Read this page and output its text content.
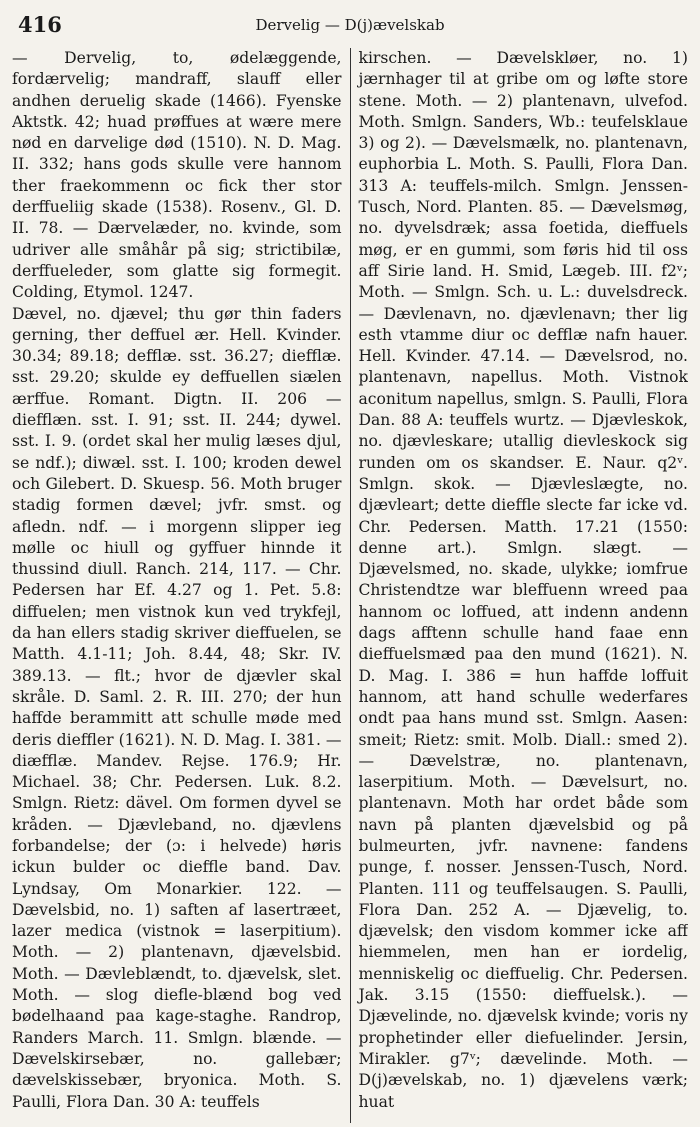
416	Dervelig — D(j)ævelskab

— Dervelig, to, ødelæggende, fordærvelig; mandraff, slauff eller andhen deruelig skade (1466). Fyenske Aktstk. 42; huad prøffues at wære mere nød en darvelige død (1510). N. D. Mag. II. 332; hans gods skulle vere hannom ther fraekommenn oc fick ther stor derffueliig skade (1538). Rosenv., Gl. D. II. 78. — Dærvelæder, no. kvinde, som udriver alle småhår på sig; strictibilæ, derffueleder, som glatte sig formegit. Colding, Etymol. 1247.

Dævel, no. djævel; thu gør thin faders gerning, ther deffuel ær. Hell. Kvinder. 30.34; 89.18; defflæ. sst. 36.27; diefflæ. sst. 29.20; skulde ey deffuellen siælen ærffue. Romant. Digtn. II. 206 — diefflæn. sst. I. 91; sst. II. 244; dywel. sst. I. 9. (ordet skal her mulig læses djul, se ndf.); diwæl. sst. I. 100; kroden dewel och Gilebert. D. Skuesp. 56. Moth bruger stadig formen dævel; jvfr. smst. og afledn. ndf. — i morgenn slipper ieg mølle oc hiull og gyffuer hinnde it thussind diull. Ranch. 214, 117. — Chr. Pedersen har Ef. 4.27 og 1. Pet. 5.8: diffuelen; men vistnok kun ved trykfejl, da han ellers stadig skriver dieffuelen, se Matth. 4.1-11; Joh. 8.44, 48; Skr. IV. 389.13. — flt.; hvor de djævler skal skråle. D. Saml. 2. R. III. 270; der hun haffde berammitt att schulle møde med deris dieffler (1621). N. D. Mag. I. 381. — diæfflæ. Mandev. Rejse. 176.9; Hr. Michael. 38; Chr. Pedersen. Luk. 8.2. Smlgn. Rietz: dävel. Om formen dyvel se kråden. — Djævleband, no. djævlens forbandelse; der (ɔ: i helvede) høris ickun bulder oc dieffle band. Dav. Lyndsay, Om Monarkier. 122. — Dævelsbid, no. 1) saften af lasertræet, lazer medica (vistnok = laserpitium). Moth. — 2) plantenavn, djævelsbid. Moth. — Dævleblændt, to. djævelsk, slet. Moth. — slog diefle-blænd bog ved bødelhaand paa kage-staghe. Randrop, Randers March. 11. Smlgn. blænde. — Dævelskirsebær, no. gallebær; dævelskissebær, bryonica. Moth. S. Paulli, Flora Dan. 30 A: teuffels

kirschen. — Dævelskløer, no. 1) jærnhager til at gribe om og løfte store stene. Moth. — 2) plantenavn, ulvefod. Moth. Smlgn. Sanders, Wb.: teufelsklaue 3) og 2). — Dævelsmælk, no. plantenavn, euphorbia L. Moth. S. Paulli, Flora Dan. 313 A: teuffels-milch. Smlgn. Jenssen-Tusch, Nord. Planten. 85. — Dævelsmøg, no. dyvelsdræk; assa foetida, dieffuels møg, er en gummi, som føris hid til oss aff Sirie land. H. Smid, Lægeb. III. f2ᵛ; Moth. — Smlgn. Sch. u. L.: duvelsdreck. — Dævlenavn, no. djævlenavn; ther lig esth vtamme diur oc defflæ nafn hauer. Hell. Kvinder. 47.14. — Dævelsrod, no. plantenavn, napellus. Moth. Vistnok aconitum napellus, smlgn. S. Paulli, Flora Dan. 88 A: teuffels wurtz. — Djævleskok, no. djævleskare; utallig dievleskock sig runden om os skandser. E. Naur. q2ᵛ. Smlgn. skok. — Djævleslægte, no. djævleart; dette dieffle slecte far icke vd. Chr. Pedersen. Matth. 17.21 (1550: denne art.). Smlgn. slægt. — Djævelsmed, no. skade, ulykke; iomfrue Christendtze war bleffuenn wreed paa hannom oc loffued, att indenn andenn dags afftenn schulle hand faae enn dieffuelsmæd paa den mund (1621). N. D. Mag. I. 386 = hun haffde loffuit hannom, att hand schulle wederfares ondt paa hans mund sst. Smlgn. Aasen: smeit; Rietz: smit. Molb. Diall.: smed 2). — Dævelstræ, no. plantenavn, laserpitium. Moth. — Dævelsurt, no. plantenavn. Moth har ordet både som navn på planten djævelsbid og på bulmeurten, jvfr. navnene: fandens punge, f. nosser. Jenssen-Tusch, Nord. Planten. 111 og teuffelsaugen. S. Paulli, Flora Dan. 252 A. — Djævelig, to. djævelsk; den visdom kommer icke aff hiemmelen, men han er iordelig, menniskelig oc dieffuelig. Chr. Pedersen. Jak. 3.15 (1550: dieffuelsk.). — Djævelinde, no. djævelsk kvinde; voris ny prophetinder eller diefuelinder. Jersin, Mirakler. g7ᵛ; dævelinde. Moth. — D(j)ævelskab, no. 1) djævelens værk; huat
